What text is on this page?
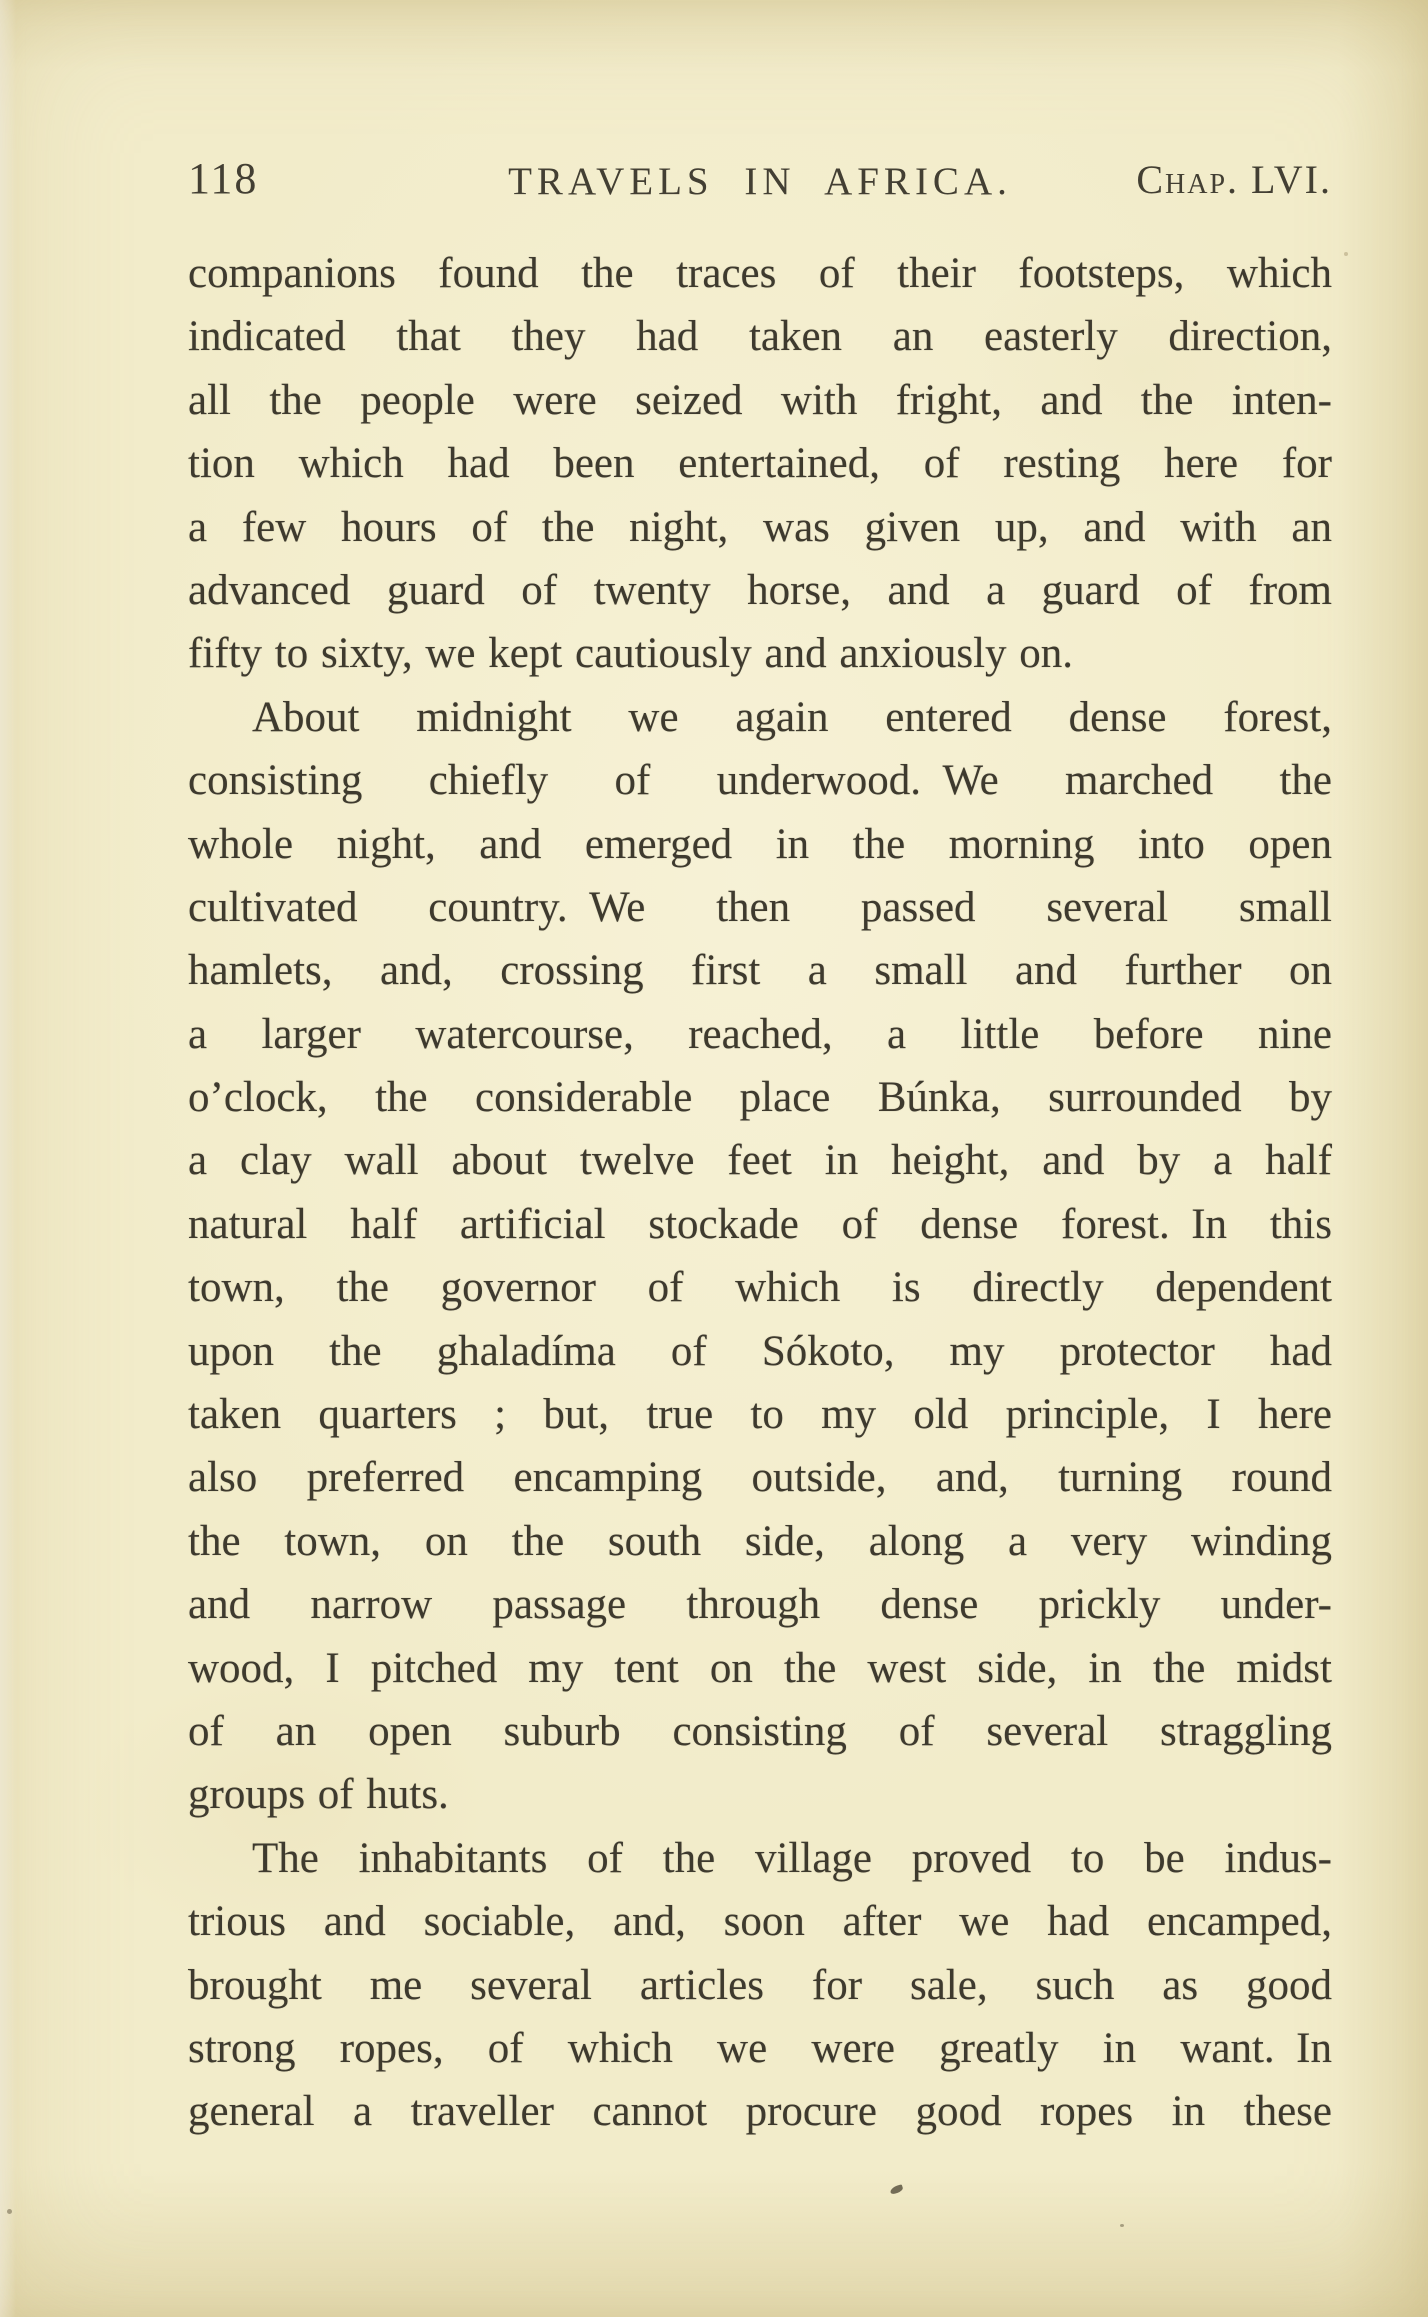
118	TRAVELS IN AFRICA.	Chap. LVI.
companions found the traces of their footsteps, which
indicated that they had taken an easterly direction,
all the people were seized with fright, and the inten-
tion which had been entertained, of resting here for
a few hours of the night, was given up, and with an
advanced guard of twenty horse, and a guard of from
fifty to sixty, we kept cautiously and anxiously on.
About midnight we again entered dense forest,
consisting chiefly of underwood. We marched the
whole night, and emerged in the morning into open
cultivated country. We then passed several small
hamlets, and, crossing first a small and further on
a larger watercourse, reached, a little before nine
o’clock, the considerable place Búnka, surrounded by
a clay wall about twelve feet in height, and by a half
natural half artificial stockade of dense forest. In this
town, the governor of which is directly dependent
upon the ghaladíma of Sókoto, my protector had
taken quarters ; but, true to my old principle, I here
also preferred encamping outside, and, turning round
the town, on the south side, along a very winding
and narrow passage through dense prickly under-
wood, I pitched my tent on the west side, in the midst
of an open suburb consisting of several straggling
groups of huts.
The inhabitants of the village proved to be indus-
trious and sociable, and, soon after we had encamped,
brought me several articles for sale, such as good
strong ropes, of which we were greatly in want. In
general a traveller cannot procure good ropes in these
